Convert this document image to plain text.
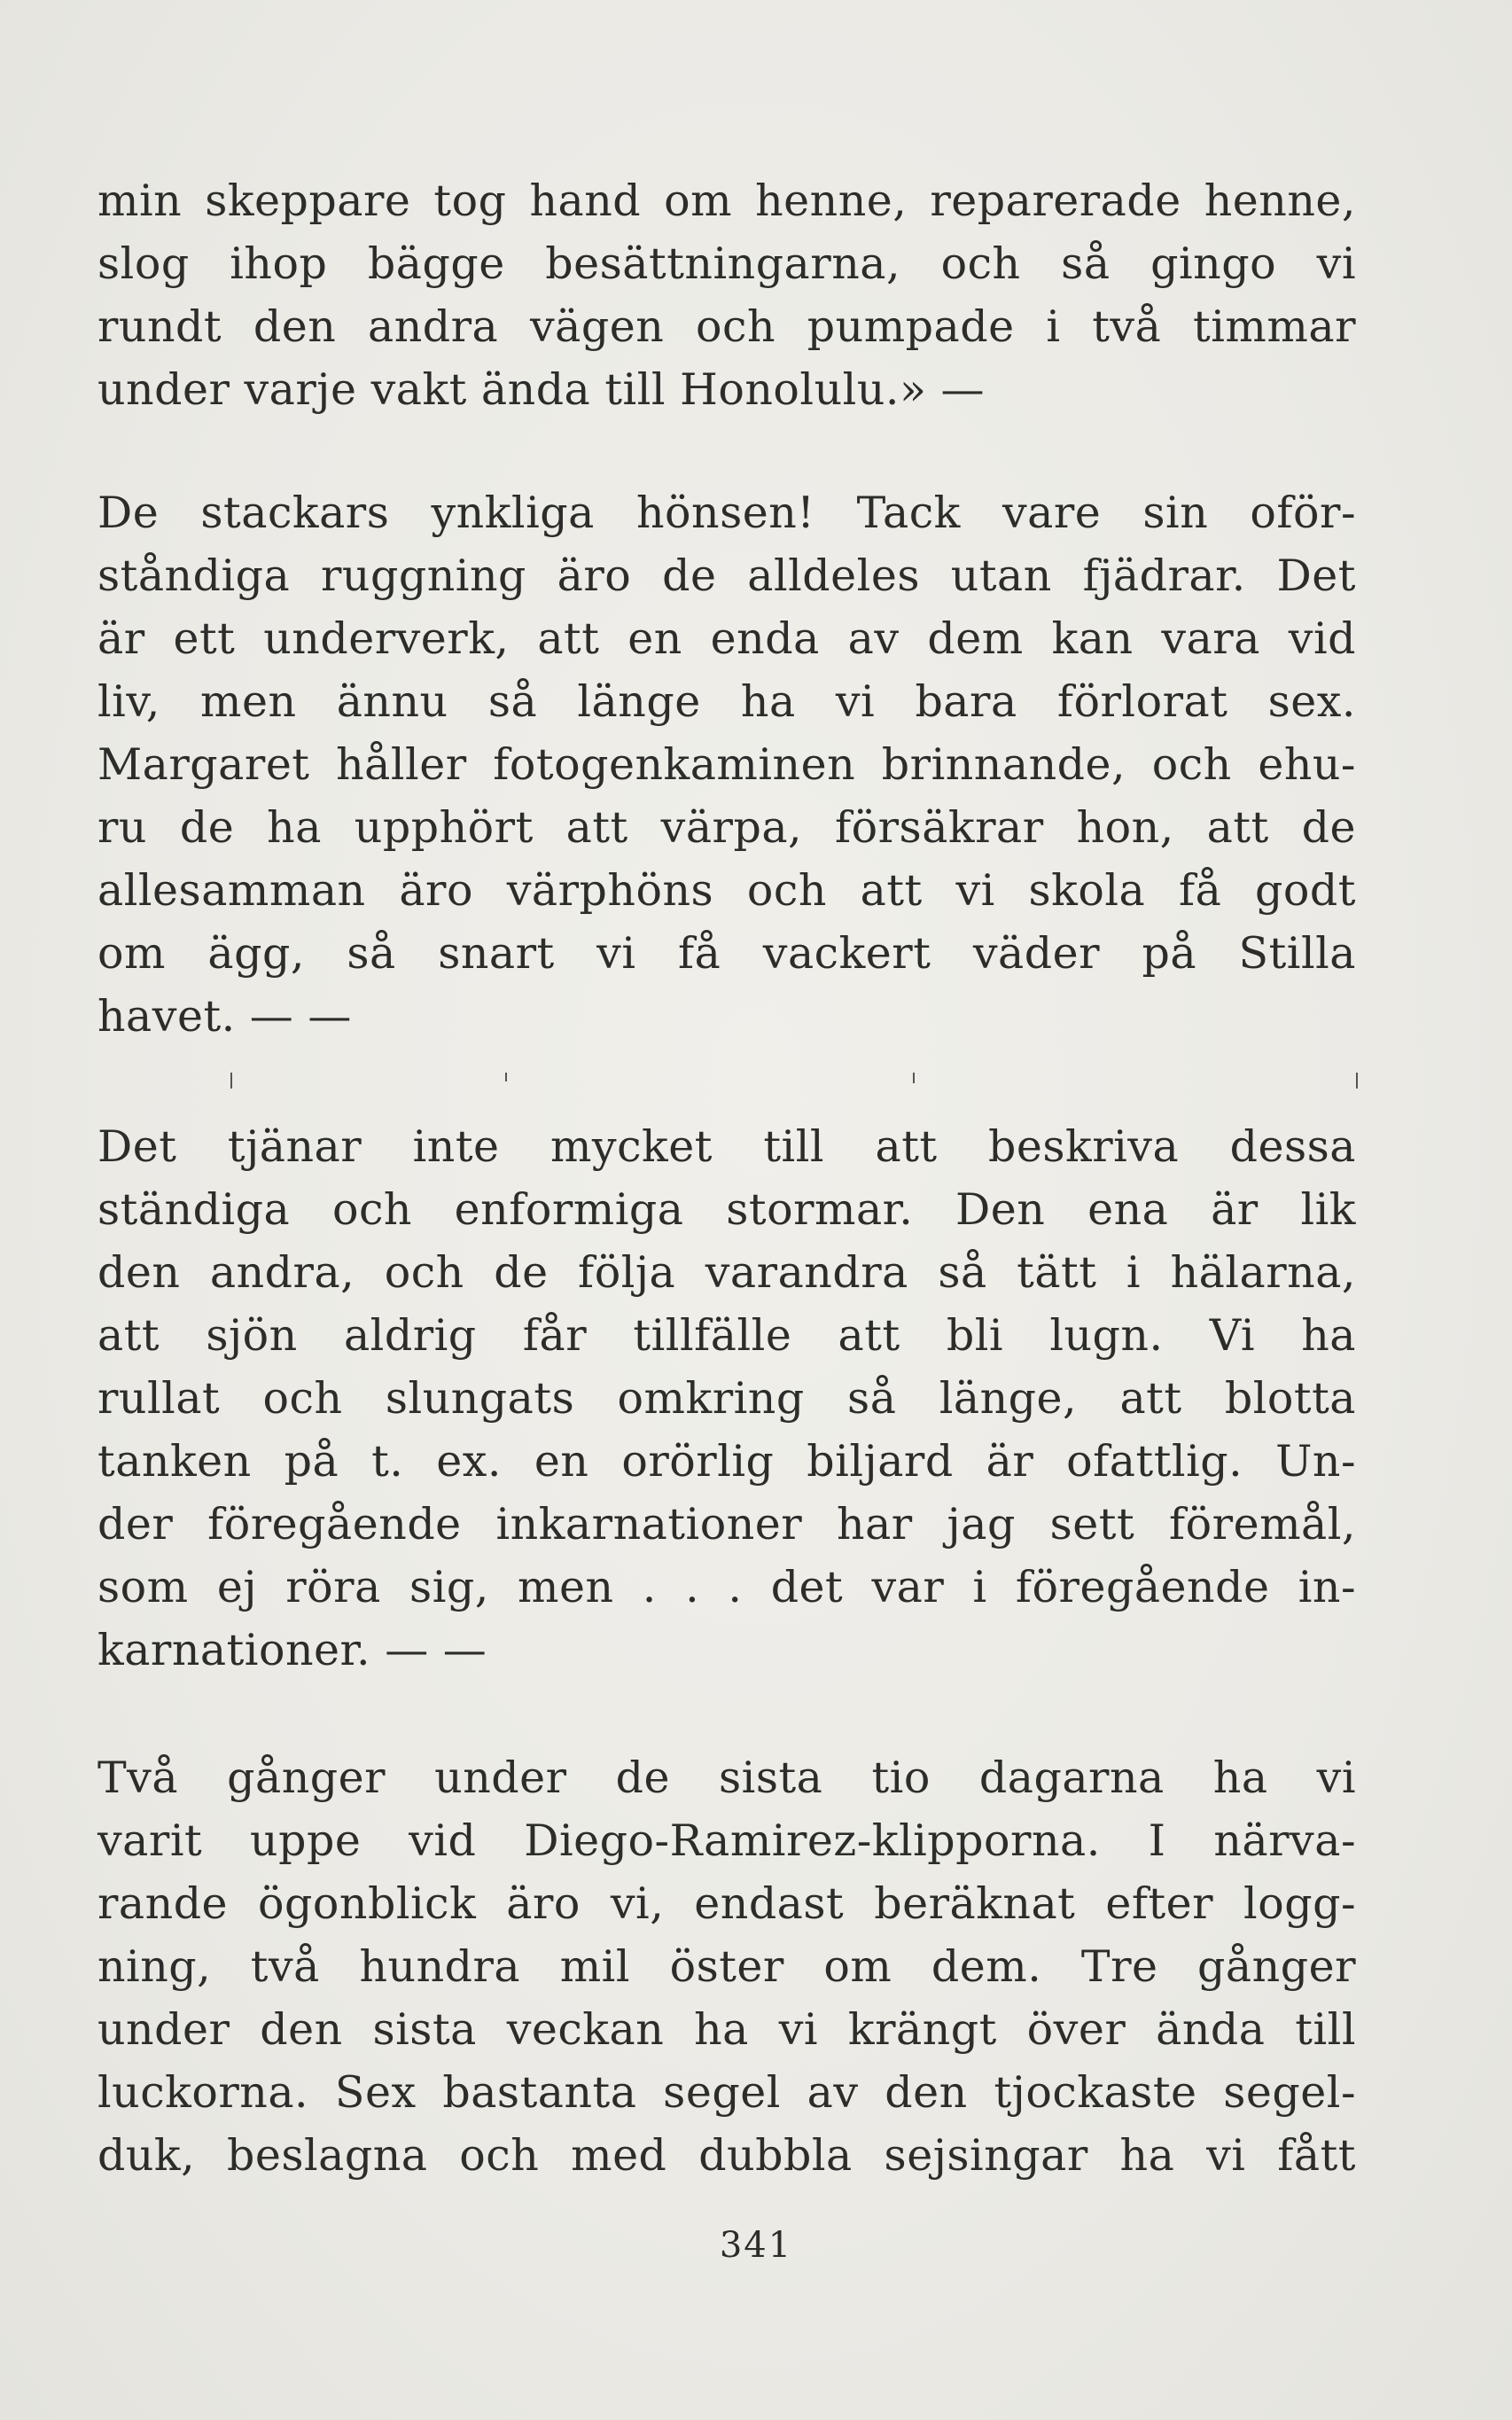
min skeppare tog hand om henne, reparerade henne,
slog ihop bägge besättningarna, och så gingo vi
rundt den andra vägen och pumpade i två timmar
under varje vakt ända till Honolulu.» —
De stackars ynkliga hönsen! Tack vare sin oför-
ståndiga ruggning äro de alldeles utan fjädrar. Det
är ett underverk, att en enda av dem kan vara vid
liv, men ännu så länge ha vi bara förlorat sex.
Margaret håller fotogenkaminen brinnande, och ehu-
ru de ha upphört att värpa, försäkrar hon, att de
allesamman äro värphöns och att vi skola få godt
om ägg, så snart vi få vackert väder på Stilla
havet. — —
Det tjänar inte mycket till att beskriva dessa
ständiga och enformiga stormar. Den ena är lik
den andra, och de följa varandra så tätt i hälarna,
att sjön aldrig får tillfälle att bli lugn. Vi ha
rullat och slungats omkring så länge, att blotta
tanken på t. ex. en orörlig biljard är ofattlig. Un-
der föregående inkarnationer har jag sett föremål,
som ej röra sig, men . . . det var i föregående in-
karnationer. — —
Två gånger under de sista tio dagarna ha vi
varit uppe vid Diego-Ramirez-klipporna. I närva-
rande ögonblick äro vi, endast beräknat efter logg-
ning, två hundra mil öster om dem. Tre gånger
under den sista veckan ha vi krängt över ända till
luckorna. Sex bastanta segel av den tjockaste segel-
duk, beslagna och med dubbla sejsingar ha vi fått
341
